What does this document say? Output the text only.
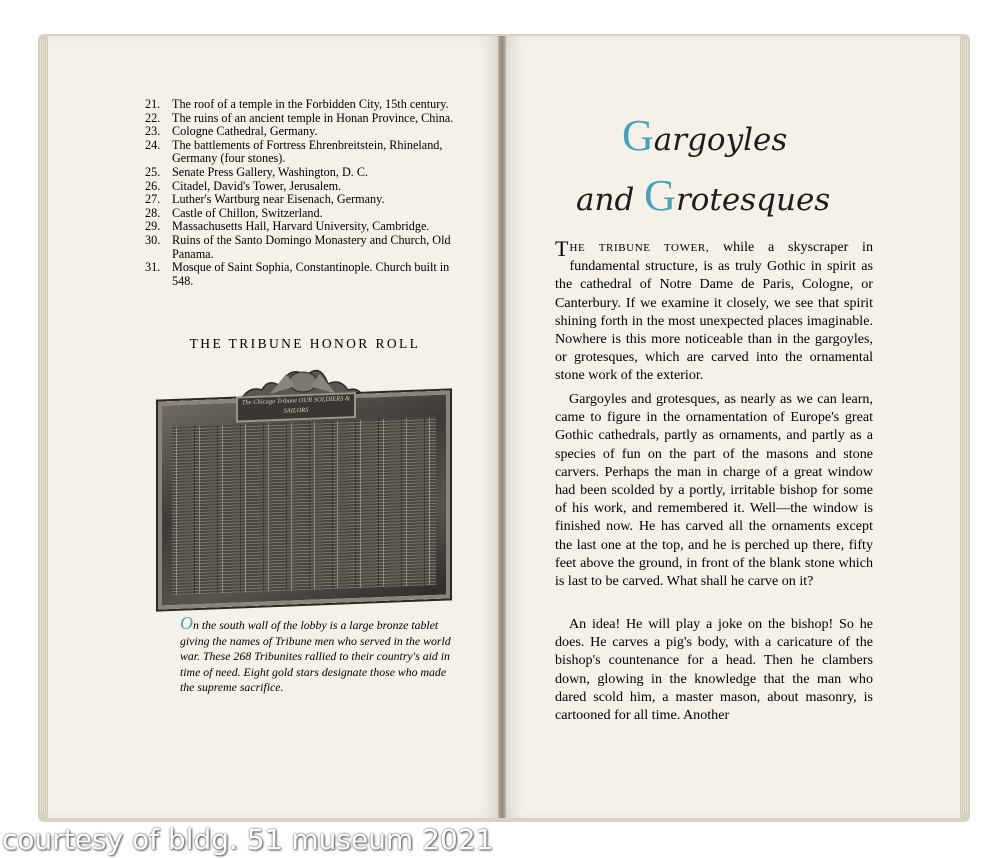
21. The roof of a temple in the Forbidden City, 15th century.
22. The ruins of an ancient temple in Honan Province, China.
23. Cologne Cathedral, Germany.
24. The battlements of Fortress Ehrenbreitstein, Rhineland, Germany (four stones).
25. Senate Press Gallery, Washington, D. C.
26. Citadel, David's Tower, Jerusalem.
27. Luther's Wartburg near Eisenach, Germany.
28. Castle of Chillon, Switzerland.
29. Massachusetts Hall, Harvard University, Cambridge.
30. Ruins of the Santo Domingo Monastery and Church, Old Panama.
31. Mosque of Saint Sophia, Constantinople. Church built in 548.
THE TRIBUNE HONOR ROLL
The Chicago Tribune OUR SOLDIERS & SAILORS

On the south wall of the lobby is a large bronze tablet giving the names of Tribune men who served in the world war. These 268 Tribunites rallied to their country's aid in time of need. Eight gold stars designate those who made the supreme sacrifice.

Gargoyles
and Grotesques

THE TRIBUNE TOWER, while a skyscraper in fundamental structure, is as truly Gothic in spirit as the cathedral of Notre Dame de Paris, Cologne, or Canterbury. If we examine it closely, we see that spirit shining forth in the most unexpected places imaginable. Nowhere is this more noticeable than in the gargoyles, or grotesques, which are carved into the ornamental stone work of the exterior.

Gargoyles and grotesques, as nearly as we can learn, came to figure in the ornamentation of Europe's great Gothic cathedrals, partly as ornaments, and partly as a species of fun on the part of the masons and stone carvers. Perhaps the man in charge of a great window had been scolded by a portly, irritable bishop for some of his work, and remembered it. Well—the window is finished now. He has carved all the ornaments except the last one at the top, and he is perched up there, fifty feet above the ground, in front of the blank stone which is last to be carved. What shall he carve on it?

An idea! He will play a joke on the bishop! So he does. He carves a pig's body, with a caricature of the bishop's countenance for a head. Then he clambers down, glowing in the knowledge that the man who dared scold him, a master mason, about masonry, is cartooned for all time. Another

courtesy of bldg. 51 museum 2021
